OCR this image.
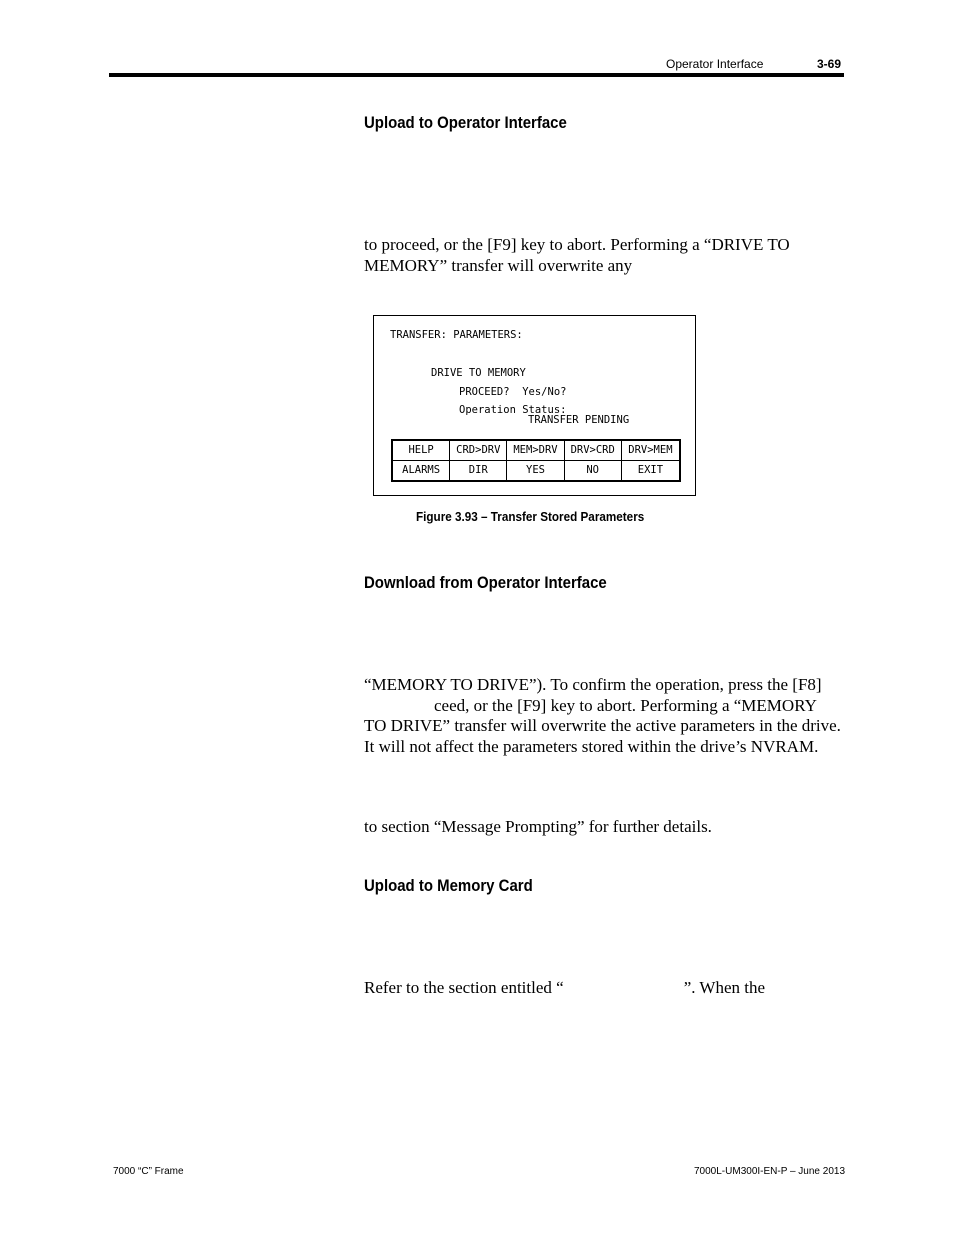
Operator Interface	3-69
Upload to Operator Interface
to proceed, or the [F9] key to abort. Performing a “DRIVE TO
MEMORY” transfer will overwrite any
TRANSFER: PARAMETERS:
DRIVE TO MEMORY
PROCEED?  Yes/No?
Operation Status:
TRANSFER PENDING
HELP	CRD>DRV	MEM>DRV	DRV>CRD	DRV>MEM
ALARMS	DIR	YES	NO	EXIT
Figure 3.93 – Transfer Stored Parameters
Download from Operator Interface
“MEMORY TO DRIVE”). To confirm the operation, press the [F8]
ceed, or the [F9] key to abort. Performing a “MEMORY
TO DRIVE” transfer will overwrite the active parameters in the drive.
It will not affect the parameters stored within the drive’s NVRAM.
to section “Message Prompting” for further details.
Upload to Memory Card
Refer to the section entitled “	”. When the
7000 “C” Frame	7000L-UM300I-EN-P – June 2013
